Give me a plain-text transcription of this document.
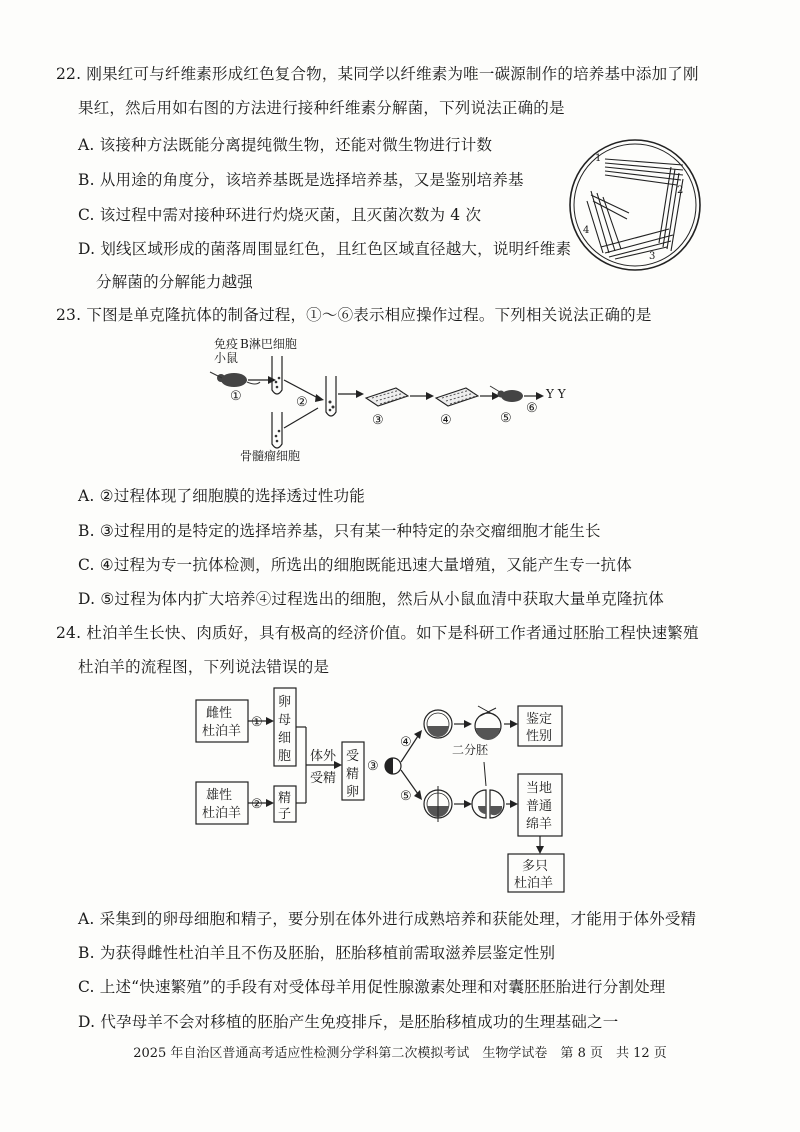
22. 刚果红可与纤维素形成红色复合物，某同学以纤维素为唯一碳源制作的培养基中添加了刚
果红，然后用如右图的方法进行接种纤维素分解菌，下列说法正确的是
A. 该接种方法既能分离提纯微生物，还能对微生物进行计数
B. 从用途的角度分，该培养基既是选择培养基，又是鉴别培养基
C. 该过程中需对接种环进行灼烧灭菌，且灭菌次数为 4 次
D. 划线区域形成的菌落周围显红色，且红色区域直径越大，说明纤维素
分解菌的分解能力越强
1
2
3
4
23. 下图是单克隆抗体的制备过程，①～⑥表示相应操作过程。下列相关说法正确的是
免疫
小鼠
①
B淋巴细胞
骨髓瘤细胞
②
③	④	⑤
⑥
Y Y
A. ②过程体现了细胞膜的选择透过性功能
B. ③过程用的是特定的选择培养基，只有某一种特定的杂交瘤细胞才能生长
C. ④过程为专一抗体检测，所选出的细胞既能迅速大量增殖，又能产生专一抗体
D. ⑤过程为体内扩大培养④过程选出的细胞，然后从小鼠血清中获取大量单克隆抗体
24. 杜泊羊生长快、肉质好，具有极高的经济价值。如下是科研工作者通过胚胎工程快速繁殖
杜泊羊的流程图，下列说法错误的是
雌性
杜泊羊
①
卵
母
细
胞
雄性
杜泊羊
② 精
子
体外
受精
受
精
卵
③
④
⑤
鉴定
性别
二分胚
当地
普通
绵羊
多只
杜泊羊
A. 采集到的卵母细胞和精子，要分别在体外进行成熟培养和获能处理，才能用于体外受精
B. 为获得雌性杜泊羊且不伤及胚胎，胚胎移植前需取滋养层鉴定性别
C. 上述“快速繁殖”的手段有对受体母羊用促性腺激素处理和对囊胚胚胎进行分割处理
D. 代孕母羊不会对移植的胚胎产生免疫排斥，是胚胎移植成功的生理基础之一
2025 年自治区普通高考适应性检测分学科第二次模拟考试　生物学试卷　第 8 页　共 12 页
